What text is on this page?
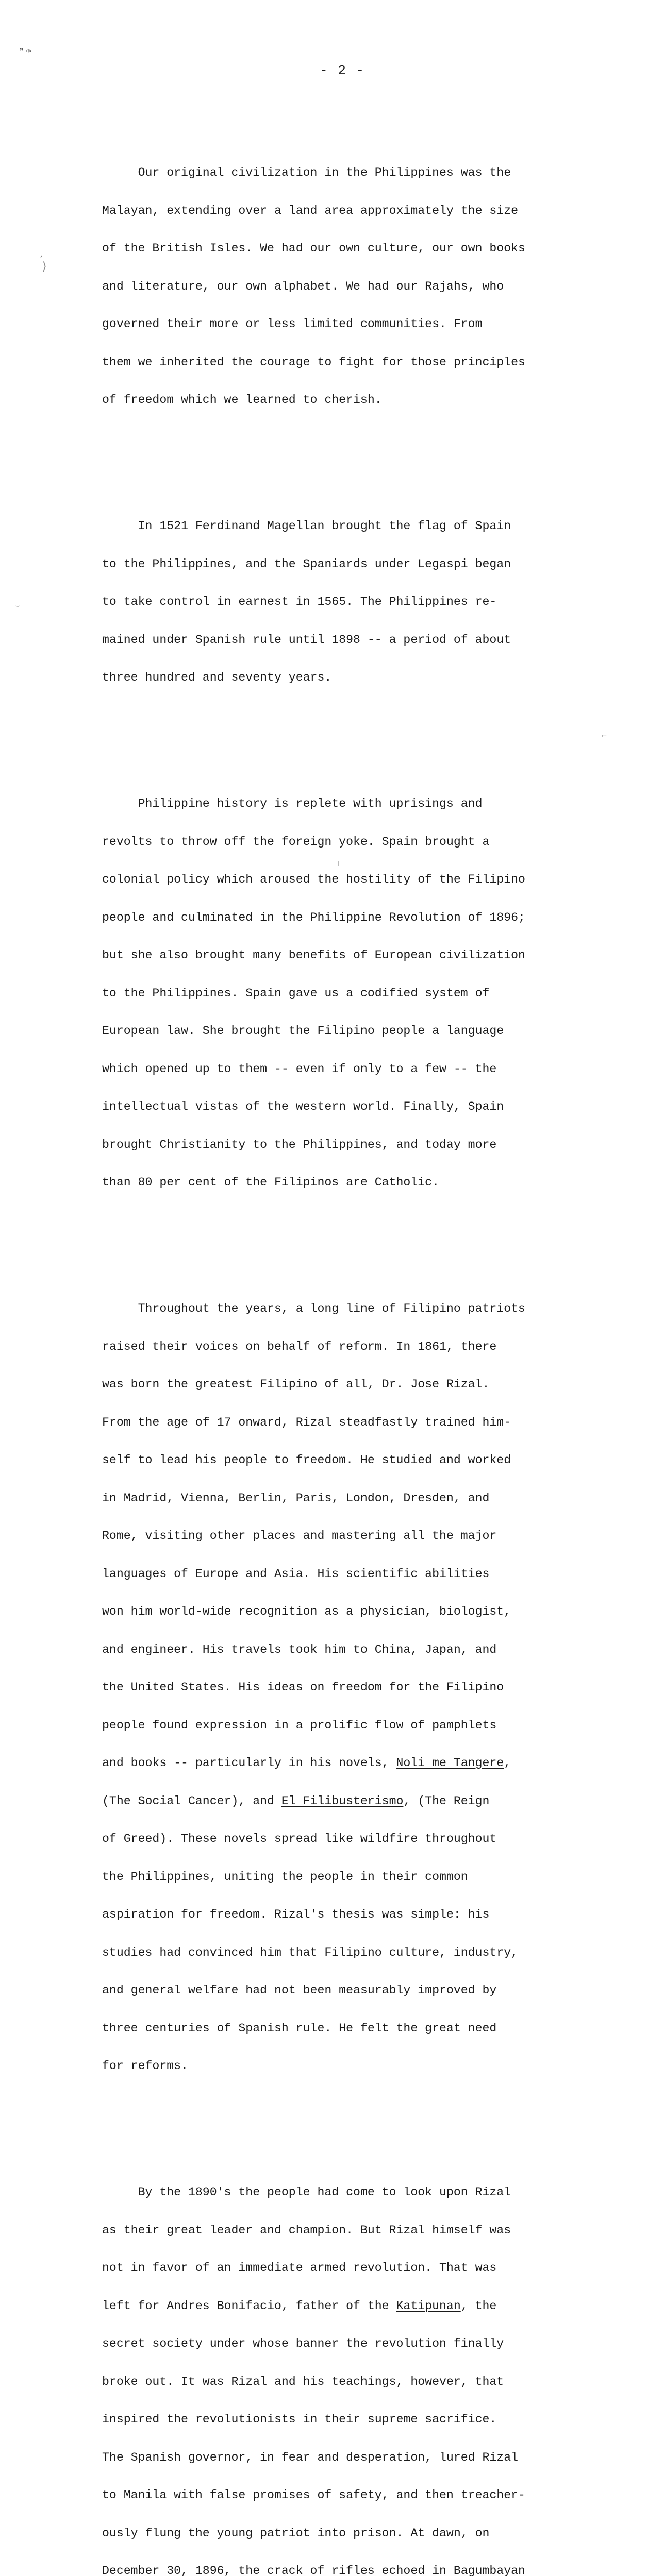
❞ ✑
ˏ
⟩
⌣
⌐
ı
- 2 -

Our original civilization in the Philippines was the

Malayan, extending over a land area approximately the size

of the British Isles. We had our own culture, our own books

and literature, our own alphabet. We had our Rajahs, who

governed their more or less limited communities. From

them we inherited the courage to fight for those principles

of freedom which we learned to cherish.

In 1521 Ferdinand Magellan brought the flag of Spain

to the Philippines, and the Spaniards under Legaspi began

to take control in earnest in 1565. The Philippines re-

mained under Spanish rule until 1898 -- a period of about

three hundred and seventy years.

Philippine history is replete with uprisings and

revolts to throw off the foreign yoke. Spain brought a

colonial policy which aroused the hostility of the Filipino

people and culminated in the Philippine Revolution of 1896;

but she also brought many benefits of European civilization

to the Philippines. Spain gave us a codified system of

European law. She brought the Filipino people a language

which opened up to them -- even if only to a few -- the

intellectual vistas of the western world. Finally, Spain

brought Christianity to the Philippines, and today more

than 80 per cent of the Filipinos are Catholic.

Throughout the years, a long line of Filipino patriots

raised their voices on behalf of reform. In 1861, there

was born the greatest Filipino of all, Dr. Jose Rizal.

From the age of 17 onward, Rizal steadfastly trained him-

self to lead his people to freedom. He studied and worked

in Madrid, Vienna, Berlin, Paris, London, Dresden, and

Rome, visiting other places and mastering all the major

languages of Europe and Asia. His scientific abilities

won him world-wide recognition as a physician, biologist,

and engineer. His travels took him to China, Japan, and

the United States. His ideas on freedom for the Filipino

people found expression in a prolific flow of pamphlets

and books -- particularly in his novels, Noli me Tangere,

(The Social Cancer), and El Filibusterismo, (The Reign

of Greed). These novels spread like wildfire throughout

the Philippines, uniting the people in their common

aspiration for freedom. Rizal's thesis was simple: his

studies had convinced him that Filipino culture, industry,

and general welfare had not been measurably improved by

three centuries of Spanish rule. He felt the great need

for reforms.

By the 1890's the people had come to look upon Rizal

as their great leader and champion. But Rizal himself was

not in favor of an immediate armed revolution. That was

left for Andres Bonifacio, father of the Katipunan, the

secret society under whose banner the revolution finally

broke out. It was Rizal and his teachings, however, that

inspired the revolutionists in their supreme sacrifice.

The Spanish governor, in fear and desperation, lured Rizal

to Manila with false promises of safety, and then treacher-

ously flung the young patriot into prison. At dawn, on

December 30, 1896, the crack of rifles echoed in Bagumbayan
